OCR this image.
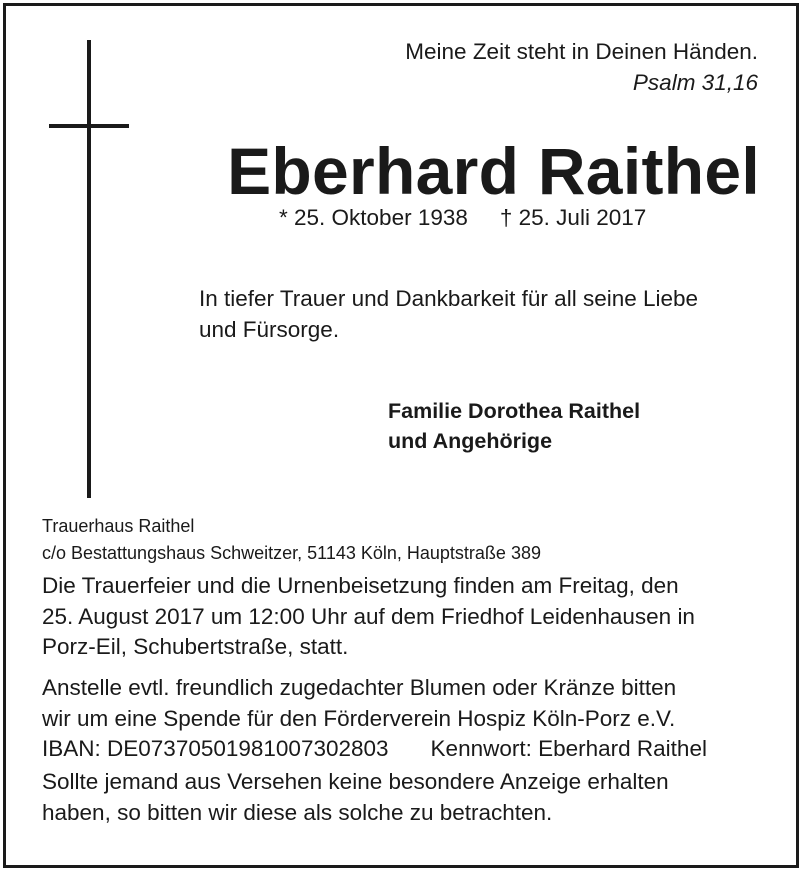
Meine Zeit steht in Deinen Händen.
Psalm 31,16
Eberhard Raithel
* 25. Oktober 1938 † 25. Juli 2017
In tiefer Trauer und Dankbarkeit für all seine Liebe
und Fürsorge.
Familie Dorothea Raithel
und Angehörige
Trauerhaus Raithel
c/o Bestattungshaus Schweitzer, 51143 Köln, Hauptstraße 389
Die Trauerfeier und die Urnenbeisetzung finden am Freitag, den
25. August 2017 um 12:00 Uhr auf dem Friedhof Leidenhausen in
Porz-Eil, Schubertstraße, statt.
Anstelle evtl. freundlich zugedachter Blumen oder Kränze bitten
wir um eine Spende für den Förderverein Hospiz Köln-Porz e.V.
IBAN: DE07370501981007302803 Kennwort: Eberhard Raithel
Sollte jemand aus Versehen keine besondere Anzeige erhalten
haben, so bitten wir diese als solche zu betrachten.
